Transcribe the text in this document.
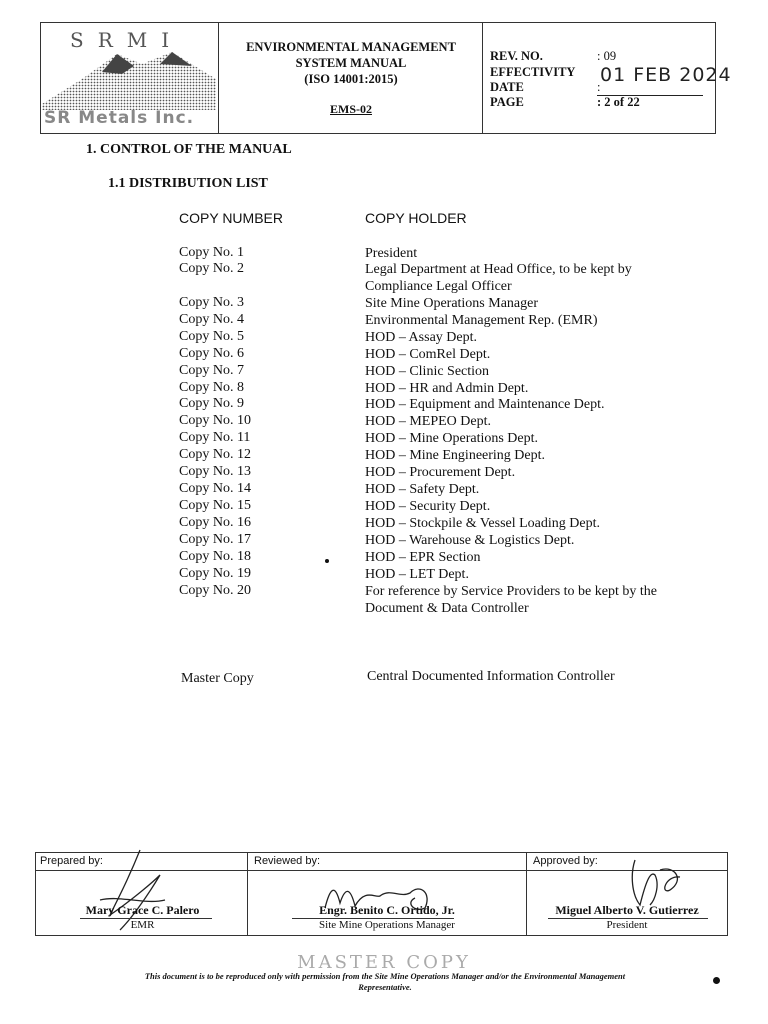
SRMI
SR Metals Inc.
ENVIRONMENTAL MANAGEMENT
SYSTEM MANUAL
(ISO 14001:2015)
EMS-02
REV. NO.	: 09
EFFECTIVITY
DATE	:
01 FEB 2024
PAGE	: 2 of 22
1. CONTROL OF THE MANUAL
1.1 DISTRIBUTION LIST
COPY NUMBER	COPY HOLDER
Copy No. 1	President
Copy No. 2	Legal Department at Head Office, to be kept by Compliance Legal Officer
Copy No. 3	Site Mine Operations Manager
Copy No. 4	Environmental Management Rep. (EMR)
Copy No. 5	HOD – Assay Dept.
Copy No. 6	HOD – ComRel Dept.
Copy No. 7	HOD – Clinic Section
Copy No. 8	HOD – HR and Admin Dept.
Copy No. 9	HOD – Equipment and Maintenance Dept.
Copy No. 10	HOD – MEPEO Dept.
Copy No. 11	HOD – Mine Operations Dept.
Copy No. 12	HOD – Mine Engineering Dept.
Copy No. 13	HOD – Procurement Dept.
Copy No. 14	HOD – Safety Dept.
Copy No. 15	HOD – Security Dept.
Copy No. 16	HOD – Stockpile & Vessel Loading Dept.
Copy No. 17	HOD – Warehouse & Logistics Dept.
Copy No. 18	HOD – EPR Section
Copy No. 19	HOD – LET Dept.
Copy No. 20	For reference by Service Providers to be kept by the Document & Data Controller
Master Copy	Central Documented Information Controller
Prepared by:	Reviewed by:	Approved by:
Mary Grace C. Palero
EMR
Engr. Benito C. Ortido, Jr.
Site Mine Operations Manager
Miguel Alberto V. Gutierrez
President
MASTER COPY
This document is to be reproduced only with permission from the Site Mine Operations Manager and/or the Environmental Management Representative.
